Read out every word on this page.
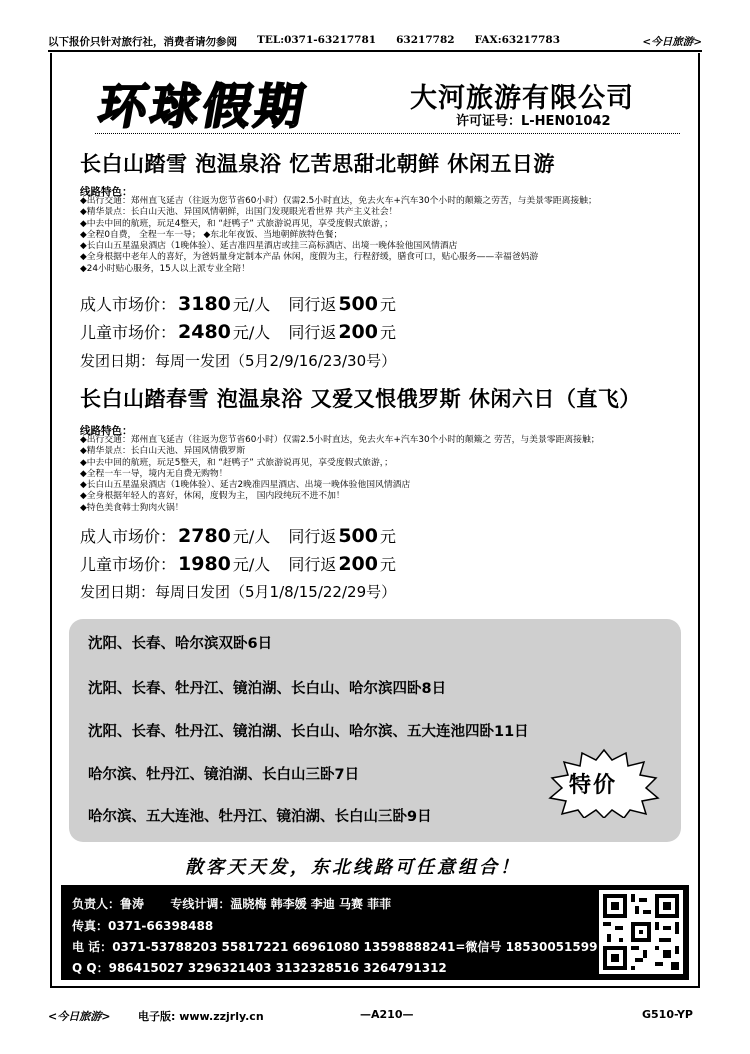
以下报价只针对旅行社，消费者请勿参阅 TEL:0371-63217781 63217782 FAX:63217783	<今日旅游>
环球假期	大河旅游有限公司
许可证号：L-HEN01042
长白山踏雪 泡温泉浴 忆苦思甜北朝鲜 休闲五日游
线路特色：
◆出行交通：郑州直飞延吉（往返为您节省60小时）仅需2.5小时直达，免去火车+汽车30个小时的颠簸之劳苦，与美景零距离接触；
◆精华景点：长白山天池、异国风情朝鲜，出国门发现眼光看世界 共产主义社会！
◆中去中回的航班，玩足4整天，和 “赶鸭子” 式旅游说再见，享受度假式旅游，；
◆全程0自费， 全程一车一导； ◆东北年夜饭、当地朝鲜族特色餐；
◆长白山五星温泉酒店（1晚体验）、延吉准四星酒店或挂三高标酒店、出境一晚体验他国风情酒店
◆全身根据中老年人的喜好，为爸妈量身定制本产品 休闲，度假为主，行程舒缓，膳食可口，贴心服务——幸福爸妈游
◆24小时贴心服务，15人以上派专业全陪！
成人市场价： 3180 元/人 同行返 500 元
儿童市场价： 2480 元/人 同行返 200 元
发团日期：每周一发团（5月2/9/16/23/30号）
长白山踏春雪 泡温泉浴 又爱又恨俄罗斯 休闲六日（直飞）
线路特色：
◆出行交通：郑州直飞延吉（往返为您节省60小时）仅需2.5小时直达，免去火车+汽车30个小时的颠簸之 劳苦，与美景零距离接触；
◆精华景点：长白山天池、异国风情俄罗斯
◆中去中回的航班，玩足5整天，和 “赶鸭子” 式旅游说再见，享受度假式旅游，；
◆全程一车一导，境内无自费无购物！
◆长白山五星温泉酒店（1晚体验）、延吉2晚准四星酒店、出境一晚体验他国风情酒店
◆全身根据年轻人的喜好，休闲，度假为主， 国内段纯玩不进不加！
◆特色美食韩士狗肉火锅！
成人市场价： 2780 元/人 同行返 500 元
儿童市场价： 1980 元/人 同行返 200 元
发团日期：每周日发团（5月1/8/15/22/29号）
沈阳、长春、哈尔滨双卧6日
沈阳、长春、牡丹江、镜泊湖、长白山、哈尔滨四卧8日
沈阳、长春、牡丹江、镜泊湖、长白山、哈尔滨、五大连池四卧11日
哈尔滨、牡丹江、镜泊湖、长白山三卧7日
哈尔滨、五大连池、牡丹江、镜泊湖、长白山三卧9日
特价
散客天天发，东北线路可任意组合！
负责人：鲁涛 专线计调：温晓梅 韩李媛 李迪 马赛 菲菲
传真：0371-66398488
电 话：0371-53788203 55817221 66961080 13598888241=微信号 18530051599
Q Q：986415027 3296321403 3132328516 3264791312
<今日旅游>	电子版: www.zzjrly.cn	—A210—	G510-YP
